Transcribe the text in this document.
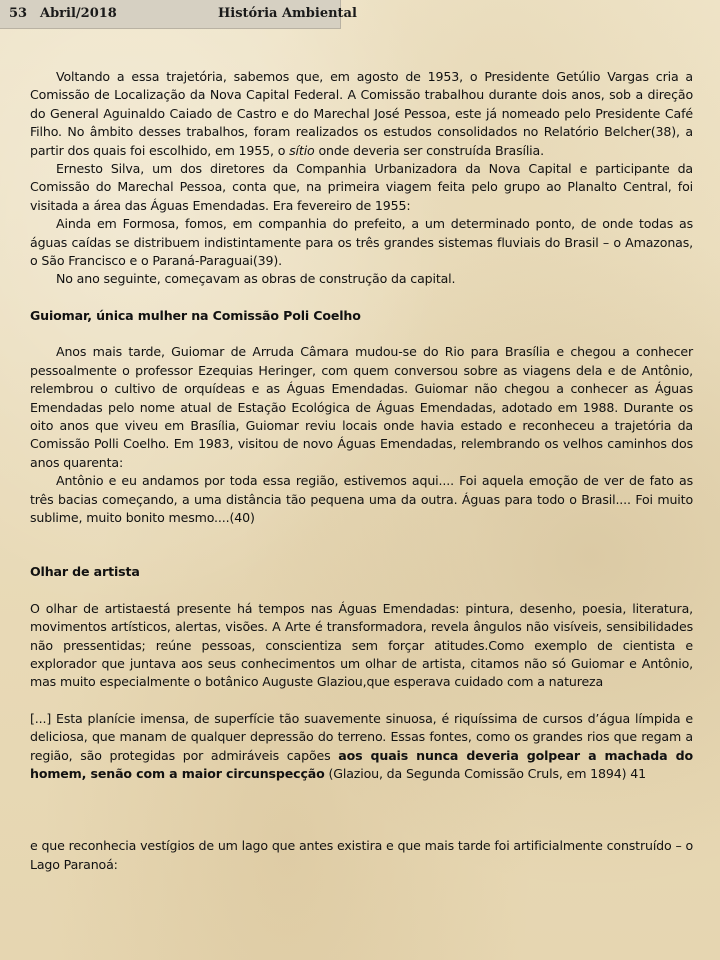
53 Abril/2018	História Ambiental

Voltando a essa trajetória, sabemos que, em agosto de 1953, o Presidente Getúlio Vargas cria a Comissão de Localização da Nova Capital Federal. A Comissão trabalhou durante dois anos, sob a direção do General Aguinaldo Caiado de Castro e do Marechal José Pessoa, este já nomeado pelo Presidente Café Filho. No âmbito desses trabalhos, foram realizados os estudos consolidados no Relatório Belcher(38), a partir dos quais foi escolhido, em 1955, o sítio onde deveria ser construída Brasília.

Ernesto Silva, um dos diretores da Companhia Urbanizadora da Nova Capital e participante da Comissão do Marechal Pessoa, conta que, na primeira viagem feita pelo grupo ao Planalto Central, foi visitada a área das Águas Emendadas. Era fevereiro de 1955:

Ainda em Formosa, fomos, em companhia do prefeito, a um determinado ponto, de onde todas as águas caídas se distribuem indistintamente para os três grandes sistemas fluviais do Brasil – o Amazonas, o São Francisco e o Paraná-Paraguai(39).

No ano seguinte, começavam as obras de construção da capital.

Guiomar, única mulher na Comissão Poli Coelho

Anos mais tarde, Guiomar de Arruda Câmara mudou-se do Rio para Brasília e chegou a conhecer pessoalmente o professor Ezequias Heringer, com quem conversou sobre as viagens dela e de Antônio, relembrou o cultivo de orquídeas e as Águas Emendadas. Guiomar não chegou a conhecer as Águas Emendadas pelo nome atual de Estação Ecológica de Águas Emendadas, adotado em 1988. Durante os oito anos que viveu em Brasília, Guiomar reviu locais onde havia estado e reconheceu a trajetória da Comissão Polli Coelho. Em 1983, visitou de novo Águas Emendadas, relembrando os velhos caminhos dos anos quarenta:

Antônio e eu andamos por toda essa região, estivemos aqui.... Foi aquela emoção de ver de fato as três bacias começando, a uma distância tão pequena uma da outra. Águas para todo o Brasil.... Foi muito sublime, muito bonito mesmo....(40)

Olhar de artista

O olhar de artistaestá presente há tempos nas Águas Emendadas: pintura, desenho, poesia, literatura, movimentos artísticos, alertas, visões. A Arte é transformadora, revela ângulos não visíveis, sensibilidades não pressentidas; reúne pessoas, conscientiza sem forçar atitudes.Como exemplo de cientista e explorador que juntava aos seus conhecimentos um olhar de artista, citamos não só Guiomar e Antônio, mas muito especialmente o botânico Auguste Glaziou,que esperava cuidado com a natureza

[...] Esta planície imensa, de superfície tão suavemente sinuosa, é riquíssima de cursos d’água límpida e deliciosa, que manam de qualquer depressão do terreno. Essas fontes, como os grandes rios que regam a região, são protegidas por admiráveis capões aos quais nunca deveria golpear a machada do homem, senão com a maior circunspecção (Glaziou, da Segunda Comissão Cruls, em 1894) 41

e que reconhecia vestígios de um lago que antes existira e que mais tarde foi artificialmente construído – o Lago Paranoá:
